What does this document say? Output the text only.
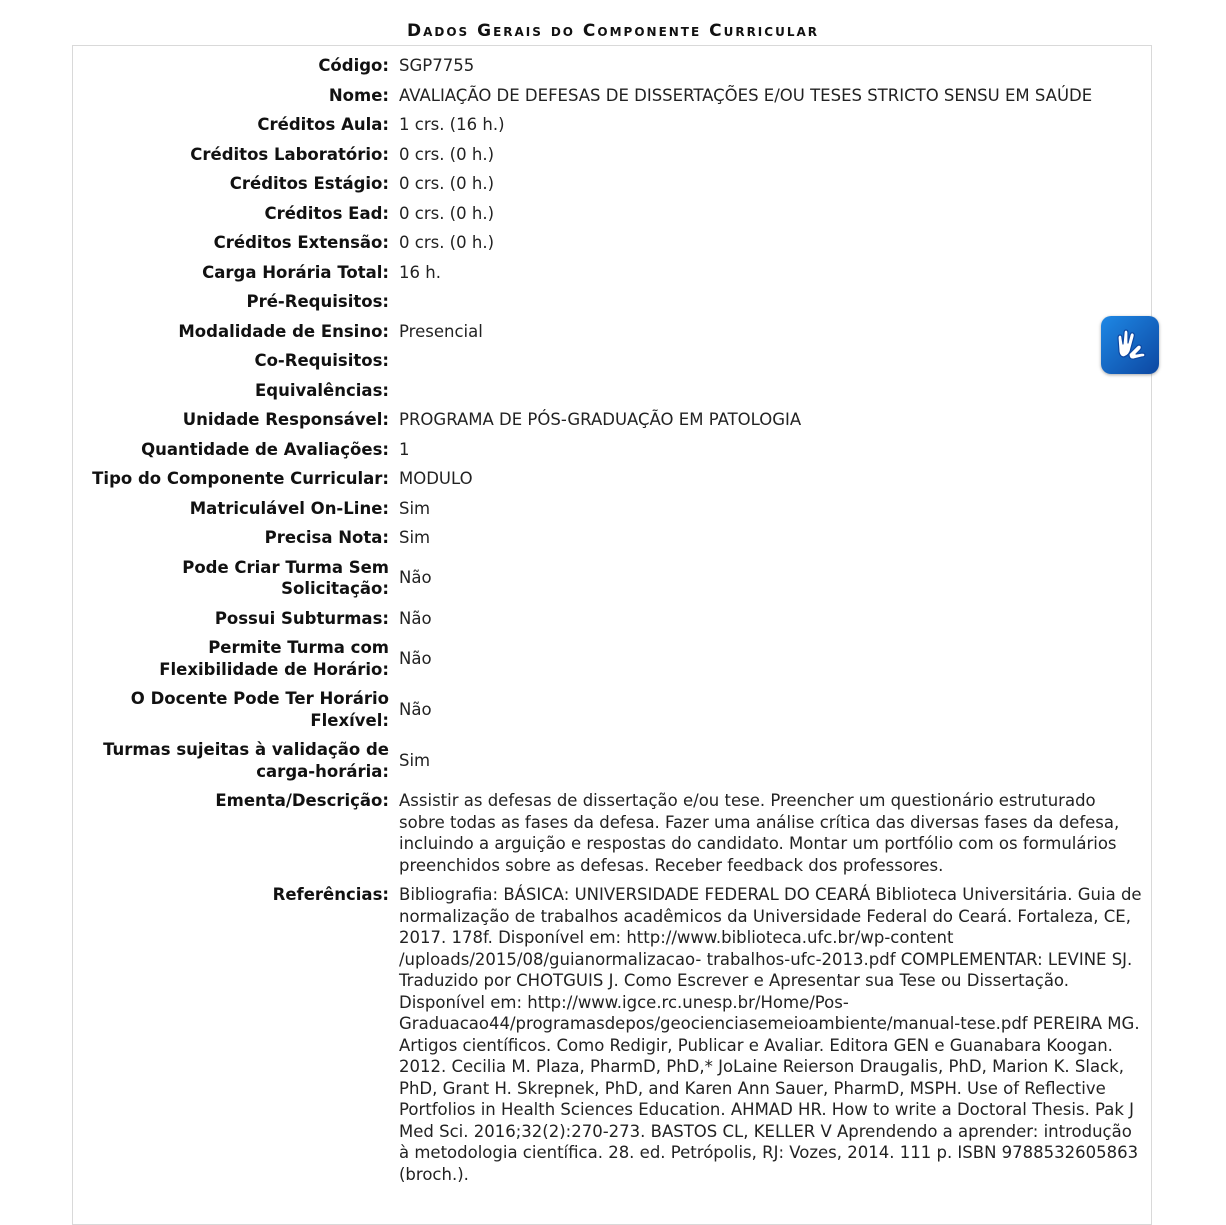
Dados Gerais do Componente Curricular
Código:	SGP7755
Nome:	AVALIAÇÃO DE DEFESAS DE DISSERTAÇÕES E/OU TESES STRICTO SENSU EM SAÚDE
Créditos Aula:	1 crs. (16 h.)
Créditos Laboratório:	0 crs. (0 h.)
Créditos Estágio:	0 crs. (0 h.)
Créditos Ead:	0 crs. (0 h.)
Créditos Extensão:	0 crs. (0 h.)
Carga Horária Total:	16 h.
Pré-Requisitos:	
Modalidade de Ensino:	Presencial
Co-Requisitos:	
Equivalências:	
Unidade Responsável:	PROGRAMA DE PÓS-GRADUAÇÃO EM PATOLOGIA
Quantidade de Avaliações:	1
Tipo do Componente Curricular:	MODULO
Matriculável On-Line:	Sim
Precisa Nota:	Sim
Pode Criar Turma Sem Solicitação:	Não
Possui Subturmas:	Não
Permite Turma com Flexibilidade de Horário:	Não
O Docente Pode Ter Horário Flexível:	Não
Turmas sujeitas à validação de carga-horária:	Sim
Ementa/Descrição:	Assistir as defesas de dissertação e/ou tese. Preencher um questionário estruturado sobre todas as fases da defesa. Fazer uma análise crítica das diversas fases da defesa, incluindo a arguição e respostas do candidato. Montar um portfólio com os formulários preenchidos sobre as defesas. Receber feedback dos professores.
Referências:	Bibliografia: BÁSICA: UNIVERSIDADE FEDERAL DO CEARÁ Biblioteca Universitária. Guia de normalização de trabalhos acadêmicos da Universidade Federal do Ceará. Fortaleza, CE, 2017. 178f. Disponível em: http://www.biblioteca.ufc.br/wp-content /uploads/2015/08/guianormalizacao- trabalhos-ufc-2013.pdf COMPLEMENTAR: LEVINE SJ. Traduzido por CHOTGUIS J. Como Escrever e Apresentar sua Tese ou Dissertação. Disponível em: http://www.igce.rc.unesp.br/Home/Pos-Graduacao44/programasdepos/geocienciasemeioambiente/manual-tese.pdf PEREIRA MG. Artigos científicos. Como Redigir, Publicar e Avaliar. Editora GEN e Guanabara Koogan. 2012. Cecilia M. Plaza, PharmD, PhD,* JoLaine Reierson Draugalis, PhD, Marion K. Slack, PhD, Grant H. Skrepnek, PhD, and Karen Ann Sauer, PharmD, MSPH. Use of Reflective Portfolios in Health Sciences Education. AHMAD HR. How to write a Doctoral Thesis. Pak J Med Sci. 2016;32(2):270-273. BASTOS CL, KELLER V Aprendendo a aprender: introdução à metodologia científica. 28. ed. Petrópolis, RJ: Vozes, 2014. 111 p. ISBN 9788532605863 (broch.).
